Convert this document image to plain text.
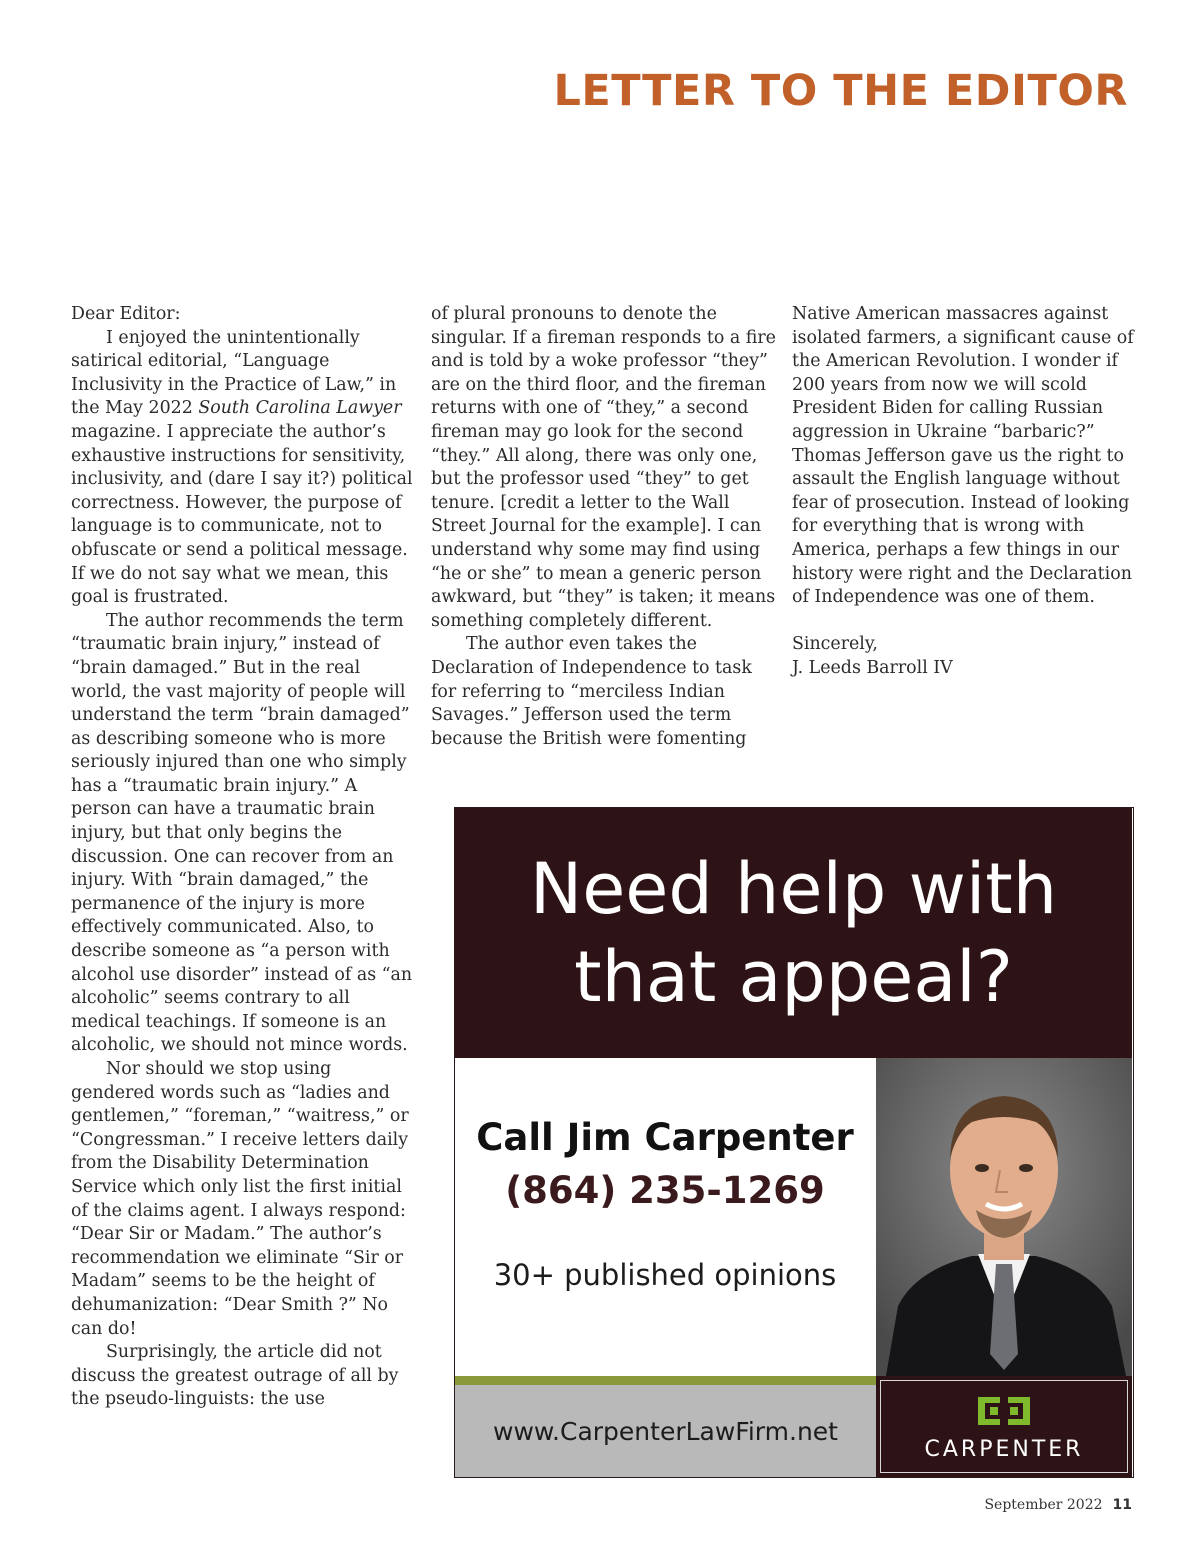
LETTER TO THE EDITOR

Dear Editor:

I enjoyed the unintentionally satirical editorial, “Language Inclusivity in the Practice of Law,” in the May 2022 South Carolina Lawyer magazine. I appreciate the author’s exhaustive instructions for sensitivity, inclusivity, and (dare I say it?) political correctness. However, the purpose of language is to communicate, not to obfuscate or send a political message. If we do not say what we mean, this goal is frustrated.

The author recommends the term “traumatic brain injury,” instead of “brain damaged.” But in the real world, the vast majority of people will understand the term “brain damaged” as describing someone who is more seriously injured than one who simply has a “traumatic brain injury.” A person can have a traumatic brain injury, but that only begins the discussion. One can recover from an injury. With “brain damaged,” the permanence of the injury is more effectively communicated. Also, to describe someone as “a person with alcohol use disorder” instead of as “an alcoholic” seems contrary to all medical teachings. If someone is an alcoholic, we should not mince words.

Nor should we stop using gendered words such as “ladies and gentlemen,” “foreman,” “waitress,” or “Congressman.” I receive letters daily from the Disability Determination Service which only list the first initial of the claims agent. I always respond: “Dear Sir or Madam.” The author’s recommendation we eliminate “Sir or Madam” seems to be the height of dehumanization: “Dear Smith ?” No can do!

Surprisingly, the article did not discuss the greatest outrage of all by the pseudo-linguists: the use

of plural pronouns to denote the singular. If a fireman responds to a fire and is told by a woke professor “they” are on the third floor, and the fireman returns with one of “they,” a second fireman may go look for the second “they.” All along, there was only one, but the professor used “they” to get tenure. [credit a letter to the Wall Street Journal for the example]. I can understand why some may find using “he or she” to mean a generic person awkward, but “they” is taken; it means something completely different.

The author even takes the Declaration of Independence to task for referring to “merciless Indian Savages.” Jefferson used the term because the British were fomenting

Native American massacres against isolated farmers, a significant cause of the American Revolution. I wonder if 200 years from now we will scold President Biden for calling Russian aggression in Ukraine “barbaric?” Thomas Jefferson gave us the right to assault the English language without fear of prosecution. Instead of looking for everything that is wrong with America, perhaps a few things in our history were right and the Declaration of Independence was one of them.

Sincerely,

J. Leeds Barroll IV

Need help with
that appeal?
Call Jim Carpenter
(864) 235-1269
30+ published opinions
www.CarpenterLawFirm.net
CARPENTER
September 2022 11
